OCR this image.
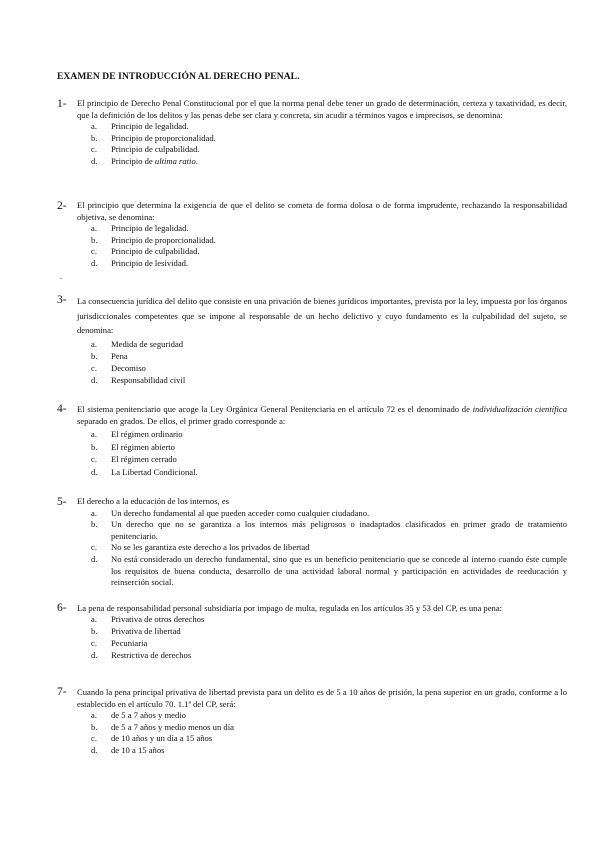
EXAMEN DE INTRODUCCIÓN AL DERECHO PENAL.
1- El principio de Derecho Penal Constitucional por el que la norma penal debe tener un grado de determinación, certeza y taxatividad, es decir, que la definición de los delitos y las penas debe ser clara y concreta, sin acudir a términos vagos e imprecisos, se denomina:
a.	Principio de legalidad.
b.	Principio de proporcionalidad.
c.	Principio de culpabilidad.
d.	Principio de ultima ratio.
2- El principio que determina la exigencia de que el delito se cometa de forma dolosa o de forma imprudente, rechazando la responsabilidad objetiva, se denomina:
a.	Principio de legalidad.
b.	Principio de proporcionalidad.
c.	Principio de culpabilidad.
d.	Principio de lesividad.
.
3- La consecuencia jurídica del delito que consiste en una privación de bienes jurídicos importantes, prevista por la ley, impuesta por los órganos jurisdiccionales competentes que se impone al responsable de un hecho delictivo y cuyo fundamento es la culpabilidad del sujeto, se denomina:
a.	Medida de seguridad
b.	Pena
c.	Decomiso
d.	Responsabilidad civil
4- El sistema penitenciario que acoge la Ley Orgánica General Penitenciaria en el artículo 72 es el denominado de individualización científica separado en grados. De ellos, el primer grado corresponde a:
a.	El régimen ordinario
b.	El régimen abierto
c.	El régimen cerrado
d.	La Libertad Condicional.
5- El derecho a la educación de los internos, es
a.	Un derecho fundamental al que pueden acceder como cualquier ciudadano.
b.	Un derecho que no se garantiza a los internos más peligrosos o inadaptados clasificados en primer grado de tratamiento penitenciario.
c.	No se les garantiza este derecho a los privados de libertad
d.	No está considerado un derecho fundamental, sino que es un beneficio penitenciario que se concede al interno cuando éste cumple los requisitos de buena conducta, desarrollo de una actividad laboral normal y participación en actividades de reeducación y reinserción social.
6- La pena de responsabilidad personal subsidiaria por impago de multa, regulada en los artículos 35 y 53 del CP, es una pena:
a.	Privativa de otros derechos
b.	Privativa de libertad
c.	Pecuniaria
d.	Restrictiva de derechos
7- Cuando la pena principal privativa de libertad prevista para un delito es de 5 a 10 años de prisión, la pena superior en un grado, conforme a lo establecido en el artículo 70. 1.1ª del CP, será:
a.	de 5 a 7 años y medio
b.	de 5 a 7 años y medio menos un día
c.	de 10 años y un día a 15 años
d.	de 10 a 15 años
